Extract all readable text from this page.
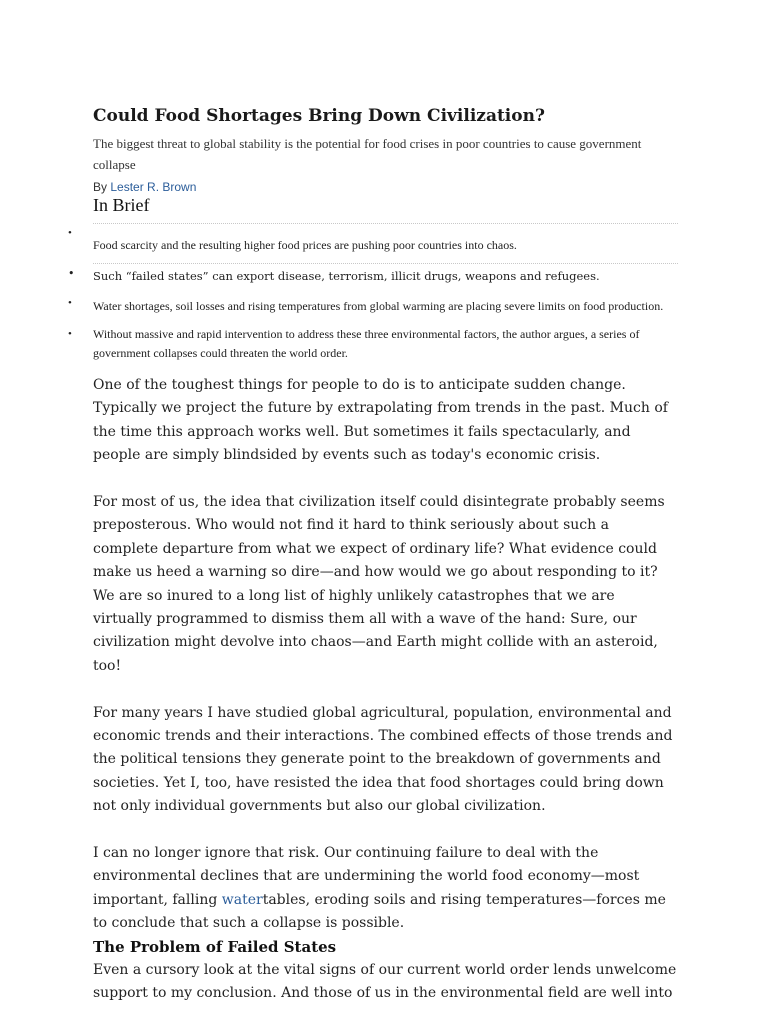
Could Food Shortages Bring Down Civilization?

The biggest threat to global stability is the potential for food crises in poor countries to cause government collapse

By Lester R. Brown

In Brief
•
Food scarcity and the resulting higher food prices are pushing poor countries into chaos.
• Such “failed states” can export disease, terrorism, illicit drugs, weapons and refugees.
• Water shortages, soil losses and rising temperatures from global warming are placing severe limits on food production.
• Without massive and rapid intervention to address these three environmental factors, the author argues, a series of government collapses could threaten the world order.

One of the toughest things for people to do is to anticipate sudden change. Typically we project the future by extrapolating from trends in the past. Much of the time this approach works well. But sometimes it fails spectacularly, and people are simply blindsided by events such as today's economic crisis.

For most of us, the idea that civilization itself could disintegrate probably seems preposterous. Who would not find it hard to think seriously about such a complete departure from what we expect of ordinary life? What evidence could make us heed a warning so dire—and how would we go about responding to it? We are so inured to a long list of highly unlikely catastrophes that we are virtually programmed to dismiss them all with a wave of the hand: Sure, our civilization might devolve into chaos—and Earth might collide with an asteroid, too!

For many years I have studied global agricultural, population, environmental and economic trends and their interactions. The combined effects of those trends and the political tensions they generate point to the breakdown of governments and societies. Yet I, too, have resisted the idea that food shortages could bring down not only individual governments but also our global civilization.

I can no longer ignore that risk. Our continuing failure to deal with the environmental declines that are undermining the world food economy—most important, falling watertables, eroding soils and rising temperatures—forces me to conclude that such a collapse is possible.

The Problem of Failed States

Even a cursory look at the vital signs of our current world order lends unwelcome support to my conclusion. And those of us in the environmental field are well into
